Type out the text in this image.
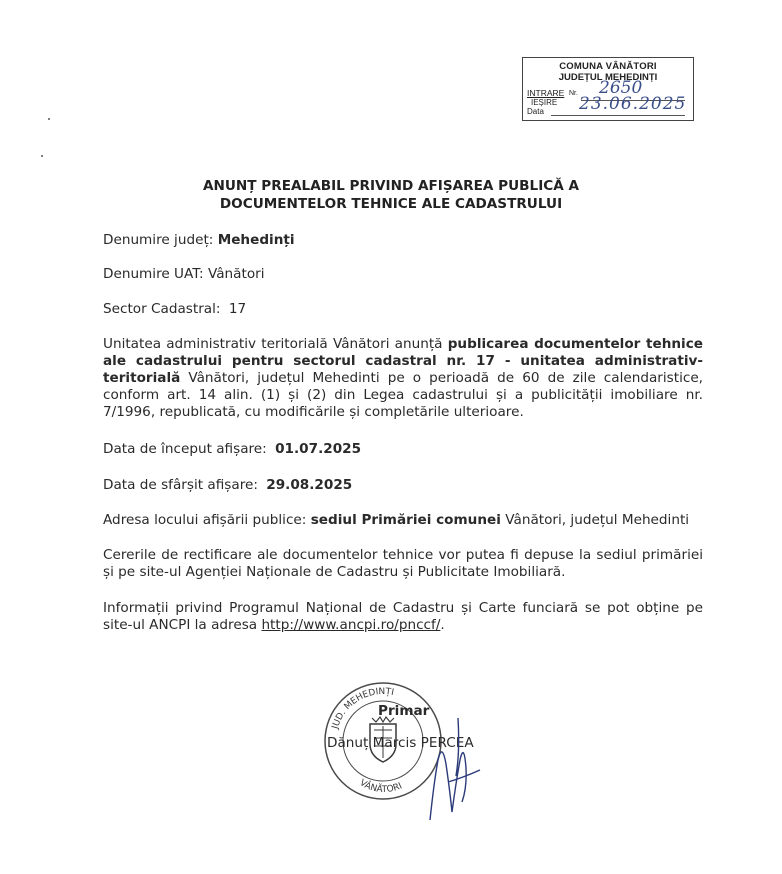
COMUNA VÂNĂTORI
JUDEȚUL MEHEDINȚI
INTRARE Nr.
IEȘIRE
Data
2650
23.06.2025
ANUNȚ PREALABIL PRIVIND AFIȘAREA PUBLICĂ A
DOCUMENTELOR TEHNICE ALE CADASTRULUI
Denumire județ: Mehedinți
Denumire UAT: Vânători
Sector Cadastral: 17
Unitatea administrativ teritorială Vânători anunță publicarea documentelor tehnice ale cadastrului pentru sectorul cadastral nr. 17 - unitatea administrativ-teritorială Vânători, județul Mehedinti pe o perioadă de 60 de zile calendaristice, conform art. 14 alin. (1) și (2) din Legea cadastrului și a publicității imobiliare nr. 7/1996, republicată, cu modificările și completările ulterioare.
Data de început afișare: 01.07.2025
Data de sfârșit afișare: 29.08.2025
Adresa locului afișării publice: sediul Primăriei comunei Vânători, județul Mehedinti
Cererile de rectificare ale documentelor tehnice vor putea fi depuse la sediul primăriei și pe site-ul Agenției Naționale de Cadastru și Publicitate Imobiliară.
Informații privind Programul Național de Cadastru și Carte funciară se pot obține pe site-ul ANCPI la adresa http://www.ancpi.ro/pnccf/.
JUD. MEHEDINȚI
VÂNĂTORI
Primar
Dănuț Marcis PERCEA
